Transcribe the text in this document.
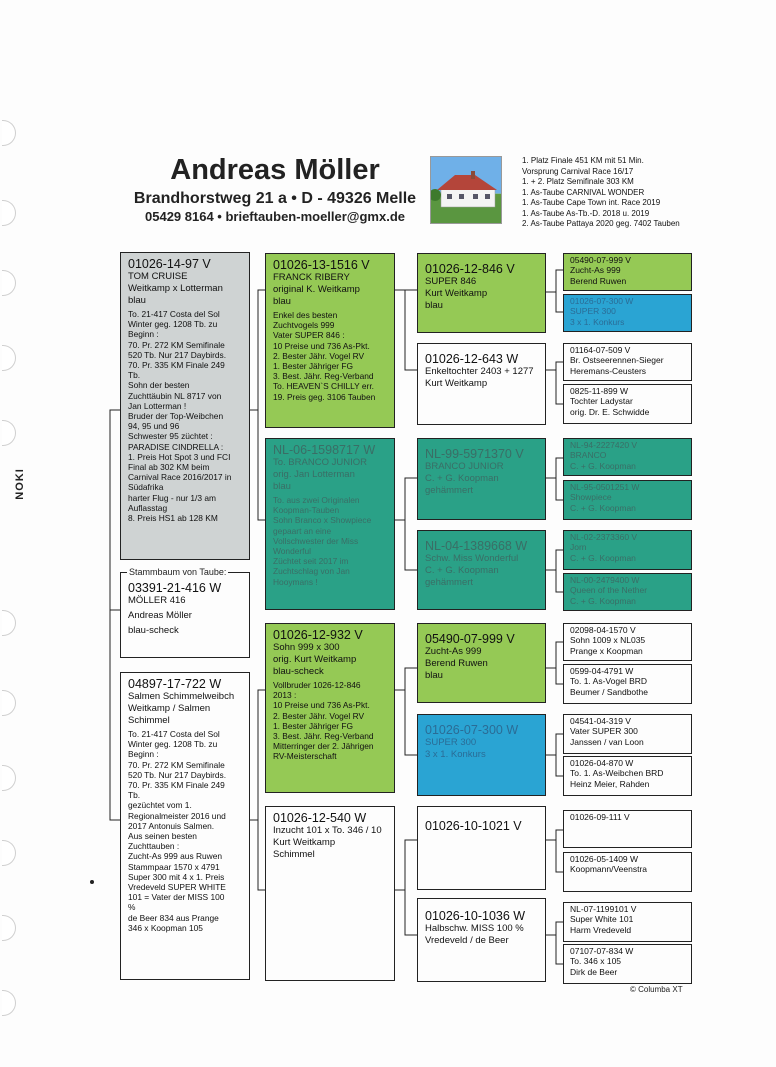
NOKI
Andreas Möller
Brandhorstweg 21 a • D - 49326 Melle
05429 8164 • brieftauben-moeller@gmx.de
1. Platz Finale 451 KM mit 51 Min.
Vorsprung Carnival Race 16/17
1. + 2. Platz Semifinale 303 KM
1. As-Taube CARNIVAL WONDER
1. As-Taube Cape Town int. Race 2019
1. As-Taube As-Tb.-D. 2018 u. 2019
2. As-Taube Pattaya 2020 geg. 7402 Tauben
01026-14-97 V
TOM CRUISE
Weitkamp x Lotterman
blau
To. 21-417 Costa del Sol
Winter geg. 1208 Tb. zu
Beginn :
70. Pr. 272 KM Semifinale
520 Tb. Nur 217 Daybirds.
70. Pr. 335 KM Finale 249
Tb.
Sohn der besten
Zuchttäubin NL 8717 von
Jan Lotterman !
Bruder der Top-Weibchen
94, 95 und 96
Schwester 95 züchtet :
PARADISE CINDRELLA :
1. Preis Hot Spot 3 und FCI
Final ab 302 KM beim
Carnival Race 2016/2017 in
Südafrika
harter Flug - nur 1/3 am
Auflasstag
8. Preis HS1 ab 128 KM
Stammbaum von Taube:
03391-21-416 W
MÖLLER 416
Andreas Möller
blau-scheck
04897-17-722 W
Salmen Schimmelweibch
Weitkamp / Salmen
Schimmel
To. 21-417 Costa del Sol
Winter geg. 1208 Tb. zu
Beginn :
70. Pr. 272 KM Semifinale
520 Tb. Nur 217 Daybirds.
70. Pr. 335 KM Finale 249
Tb.
gezüchtet vom 1.
Regionalmeister 2016 und
2017 Antonuis Salmen.
Aus seinen besten
Zuchttauben :
Zucht-As 999 aus Ruwen
Stammpaar 1570 x 4791
Super 300 mit 4 x 1. Preis
Vredeveld SUPER WHITE
101 = Vater der MISS 100
%
de Beer 834 aus Prange
346 x Koopman 105
01026-13-1516 V
FRANCK RIBERY
original K. Weitkamp
blau
Enkel des besten
Zuchtvogels 999
Vater SUPER 846 :
10 Preise und 736 As-Pkt.
2. Bester Jähr. Vogel RV
1. Bester Jähriger FG
3. Best. Jähr. Reg-Verband
To. HEAVEN`S CHILLY err.
19. Preis geg. 3106 Tauben
NL-06-1598717 W
To. BRANCO JUNIOR
orig. Jan Lotterman
blau
To. aus zwei Originalen
Koopman-Tauben
Sohn Branco x Showpiece
gepaart an eine
Vollschwester der Miss
Wonderful
Züchtet seit 2017 im
Zuchtschlag von Jan
Hooymans !
01026-12-932 V
Sohn 999 x 300
orig. Kurt Weitkamp
blau-scheck
Vollbruder 1026-12-846
2013 :
10 Preise und 736 As-Pkt.
2. Bester Jähr. Vogel RV
1. Bester Jähriger FG
3. Best. Jähr. Reg-Verband
Mitterringer der 2. Jährigen
RV-Meisterschaft
01026-12-540 W
Inzucht 101 x To. 346 / 10
Kurt Weitkamp
Schimmel
01026-12-846 V
SUPER 846
Kurt Weitkamp
blau
01026-12-643 W
Enkeltochter 2403 + 1277
Kurt Weitkamp
NL-99-5971370 V
BRANCO JUNIOR
C. + G. Koopman
gehämmert
NL-04-1389668 W
Schw. Miss Wonderful
C. + G. Koopman
gehämmert
05490-07-999 V
Zucht-As 999
Berend Ruwen
blau
01026-07-300 W
SUPER 300
3 x 1. Konkurs
01026-10-1021 V
01026-10-1036 W
Halbschw. MISS 100 %
Vredeveld / de Beer
05490-07-999 V
Zucht-As 999
Berend Ruwen
01026-07-300 W
SUPER 300
3 x 1. Konkurs
01164-07-509 V
Br. Ostseerennen-Sieger
Heremans-Ceusters
0825-11-899 W
Tochter Ladystar
orig. Dr. E. Schwidde
NL-94-2227420 V
BRANCO
C. + G. Koopman
NL-95-0501251 W
Showpiece
C. + G. Koopman
NL-02-2373360 V
Jorn
C. + G. Koopman
NL-00-2479400 W
Queen of the Nether
C. + G. Koopman
02098-04-1570 V
Sohn 1009 x NL035
Prange x Koopman
0599-04-4791 W
To. 1. As-Vogel BRD
Beumer / Sandbothe
04541-04-319 V
Vater SUPER 300
Janssen / van Loon
01026-04-870 W
To. 1. As-Weibchen BRD
Heinz Meier, Rahden
01026-09-111 V
01026-05-1409 W
Koopmann/Veenstra
NL-07-1199101 V
Super White 101
Harm Vredeveld
07107-07-834 W
To. 346 x 105
Dirk de Beer
© Columba XT
